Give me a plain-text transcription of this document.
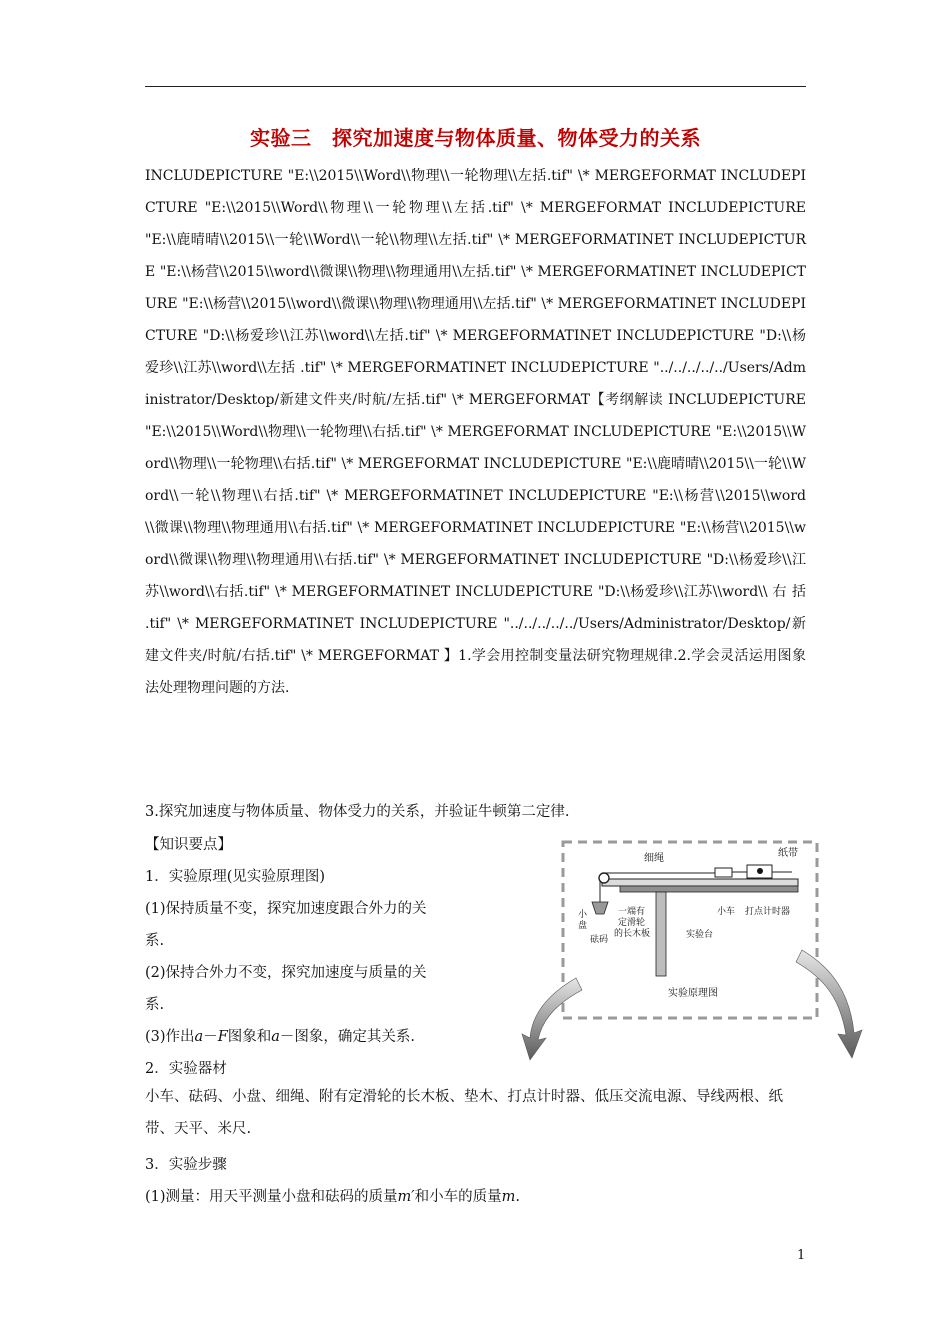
实验三　探究加速度与物体质量、物体受力的关系

INCLUDEPICTURE "E:\\2015\\Word\\物理\\一轮物理\\左括.tif" \* MERGEFORMAT INCLUDEPICTURE "E:\\2015\\Word\\物理\\一轮物理\\左括.tif" \* MERGEFORMAT INCLUDEPICTURE "E:\\鹿晴晴\\2015\\一轮\\Word\\一轮\\物理\\左括.tif" \* MERGEFORMATINET INCLUDEPICTURE "E:\\杨营\\2015\\word\\微课\\物理\\物理通用\\左括.tif" \* MERGEFORMATINET INCLUDEPICTURE "E:\\杨营\\2015\\word\\微课\\物理\\物理通用\\左括.tif" \* MERGEFORMATINET INCLUDEPICTURE "D:\\杨爱珍\\江苏\\word\\左括.tif" \* MERGEFORMATINET INCLUDEPICTURE "D:\\杨爱珍\\江苏\\word\\左括 .tif" \* MERGEFORMATINET INCLUDEPICTURE "../../../../../Users/Administrator/Desktop/新建文件夹/时航/左括.tif" \* MERGEFORMAT【考纲解读 INCLUDEPICTURE "E:\\2015\\Word\\物理\\一轮物理\\右括.tif" \* MERGEFORMAT INCLUDEPICTURE "E:\\2015\\Word\\物理\\一轮物理\\右括.tif" \* MERGEFORMAT INCLUDEPICTURE "E:\\鹿晴晴\\2015\\一轮\\Word\\一轮\\物理\\右括.tif" \* MERGEFORMATINET INCLUDEPICTURE "E:\\杨营\\2015\\word\\微课\\物理\\物理通用\\右括.tif" \* MERGEFORMATINET INCLUDEPICTURE "E:\\杨营\\2015\\word\\微课\\物理\\物理通用\\右括.tif" \* MERGEFORMATINET INCLUDEPICTURE "D:\\杨爱珍\\江苏\\word\\右括.tif" \* MERGEFORMATINET INCLUDEPICTURE "D:\\杨爱珍\\江苏\\word\\ 右 括 .tif" \* MERGEFORMATINET INCLUDEPICTURE "../../../../../Users/Administrator/Desktop/新建文件夹/时航/右括.tif" \* MERGEFORMAT 】1.学会用控制变量法研究物理规律.2.学会灵活运用图象法处理物理问题的方法.

3.探究加速度与物体质量、物体受力的关系，并验证牛顿第二定律.
【知识要点】
1．实验原理(见实验原理图)
(1)保持质量不变，探究加速度跟合外力的关
系.
(2)保持合外力不变，探究加速度与质量的关
系.
(3)作出a－F图象和a－图象，确定其关系.
2．实验器材
小车、砝码、小盘、细绳、附有定滑轮的长木板、垫木、打点计时器、低压交流电源、导线两根、纸带、天平、米尺.
3．实验步骤
(1)测量：用天平测量小盘和砝码的质量m′和小车的质量m.
细绳	纸带
小
盘
砝码
一端有
定滑轮
的长木板
小车 打点计时器
实验台
实验原理图
1
